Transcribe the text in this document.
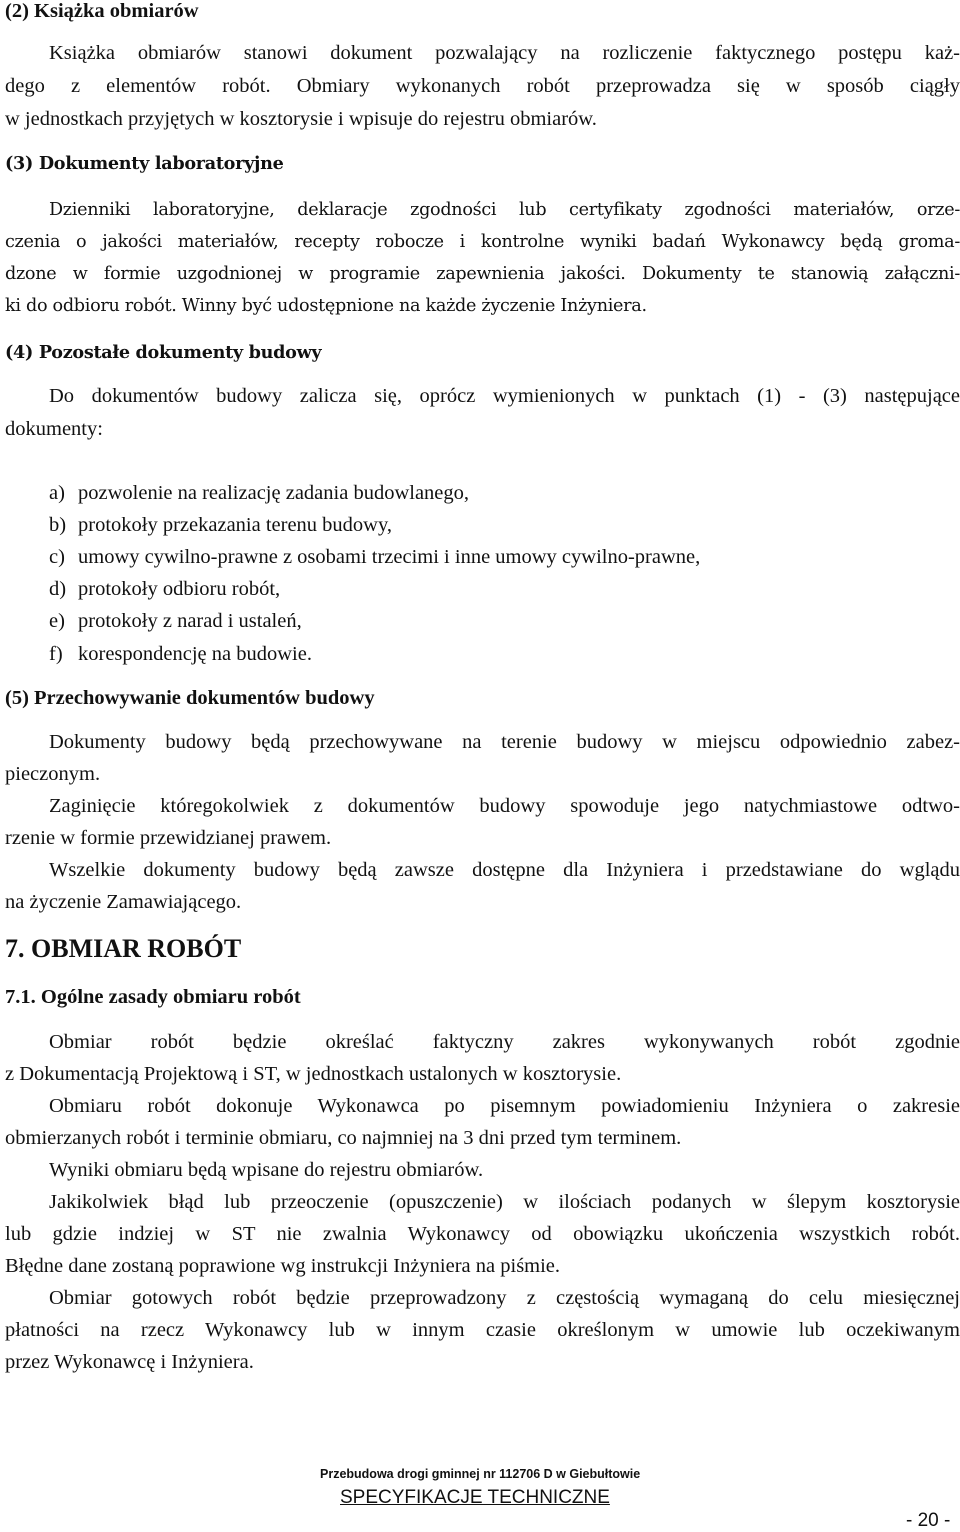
(2) Książka obmiarów
Książka obmiarów stanowi dokument pozwalający na rozliczenie faktycznego postępu każ-
dego z elementów robót. Obmiary wykonanych robót przeprowadza się w sposób ciągły
w jednostkach przyjętych w kosztorysie i wpisuje do rejestru obmiarów.
(3) Dokumenty laboratoryjne
Dzienniki laboratoryjne, deklaracje zgodności lub certyfikaty zgodności materiałów, orze-
czenia o jakości materiałów, recepty robocze i kontrolne wyniki badań Wykonawcy będą groma-
dzone w formie uzgodnionej w programie zapewnienia jakości. Dokumenty te stanowią załączni-
ki do odbioru robót. Winny być udostępnione na każde życzenie Inżyniera.
(4) Pozostałe dokumenty budowy
Do dokumentów budowy zalicza się, oprócz wymienionych w punktach (1) - (3) następujące
dokumenty:
a) pozwolenie na realizację zadania budowlanego,
b) protokoły przekazania terenu budowy,
c) umowy cywilno-prawne z osobami trzecimi i inne umowy cywilno-prawne,
d) protokoły odbioru robót,
e) protokoły z narad i ustaleń,
f) korespondencję na budowie.
(5) Przechowywanie dokumentów budowy
Dokumenty budowy będą przechowywane na terenie budowy w miejscu odpowiednio zabez-
pieczonym.
Zaginięcie któregokolwiek z dokumentów budowy spowoduje jego natychmiastowe odtwo-
rzenie w formie przewidzianej prawem.
Wszelkie dokumenty budowy będą zawsze dostępne dla Inżyniera i przedstawiane do wglądu
na życzenie Zamawiającego.
7. OBMIAR ROBÓT
7.1. Ogólne zasady obmiaru robót
Obmiar robót będzie określać faktyczny zakres wykonywanych robót zgodnie
z Dokumentacją Projektową i ST, w jednostkach ustalonych w kosztorysie.
Obmiaru robót dokonuje Wykonawca po pisemnym powiadomieniu Inżyniera o zakresie
obmierzanych robót i terminie obmiaru, co najmniej na 3 dni przed tym terminem.
Wyniki obmiaru będą wpisane do rejestru obmiarów.
Jakikolwiek błąd lub przeoczenie (opuszczenie) w ilościach podanych w ślepym kosztorysie
lub gdzie indziej w ST nie zwalnia Wykonawcy od obowiązku ukończenia wszystkich robót.
Błędne dane zostaną poprawione wg instrukcji Inżyniera na piśmie.
Obmiar gotowych robót będzie przeprowadzony z częstością wymaganą do celu miesięcznej
płatności na rzecz Wykonawcy lub w innym czasie określonym w umowie lub oczekiwanym
przez Wykonawcę i Inżyniera.
Przebudowa drogi gminnej nr 112706 D w Giebułtowie
SPECYFIKACJE TECHNICZNE
- 20 -
